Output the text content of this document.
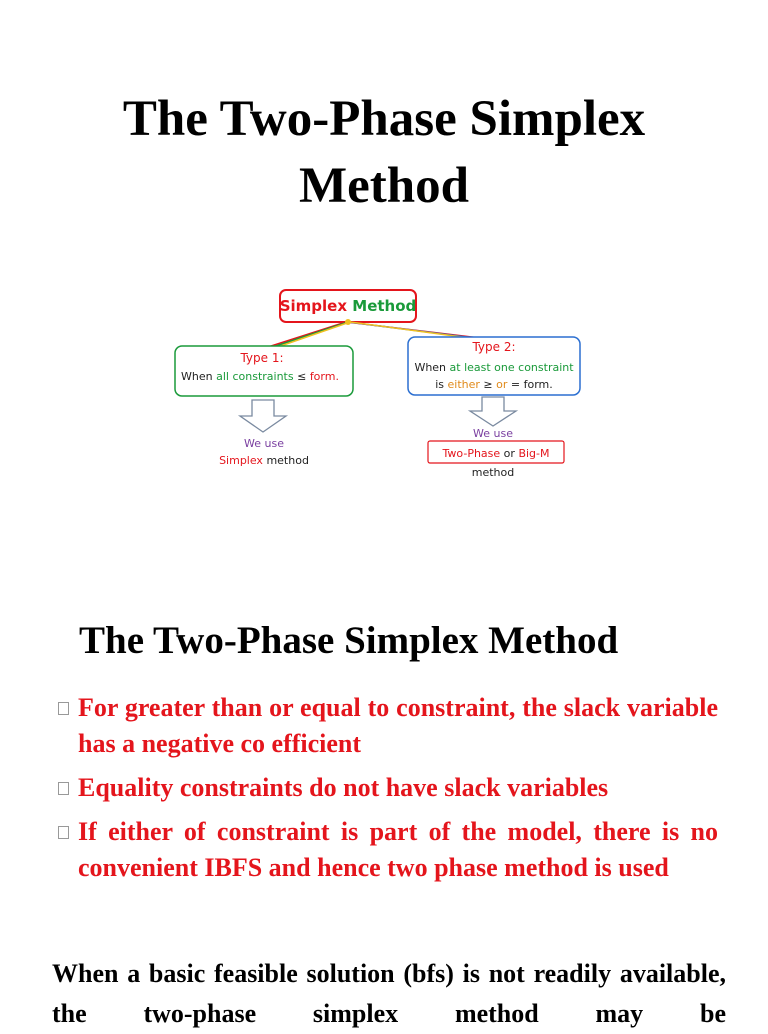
The Two-Phase Simplex
Method
Simplex Method
Type 1:
When all constraints ≤ form.
Type 2:
When at least one constraint
is either ≥ or = form.
We use
Simplex method
We use
Two-Phase or Big-M
method
The Two-Phase Simplex Method
For greater than or equal to constraint, the slack variable has a negative co efficient
Equality constraints do not have slack variables
If either of constraint is part of the model, there is no convenient IBFS and hence two phase method is used
When a basic feasible solution (bfs) is not readily available, the two-phase simplex method may be
